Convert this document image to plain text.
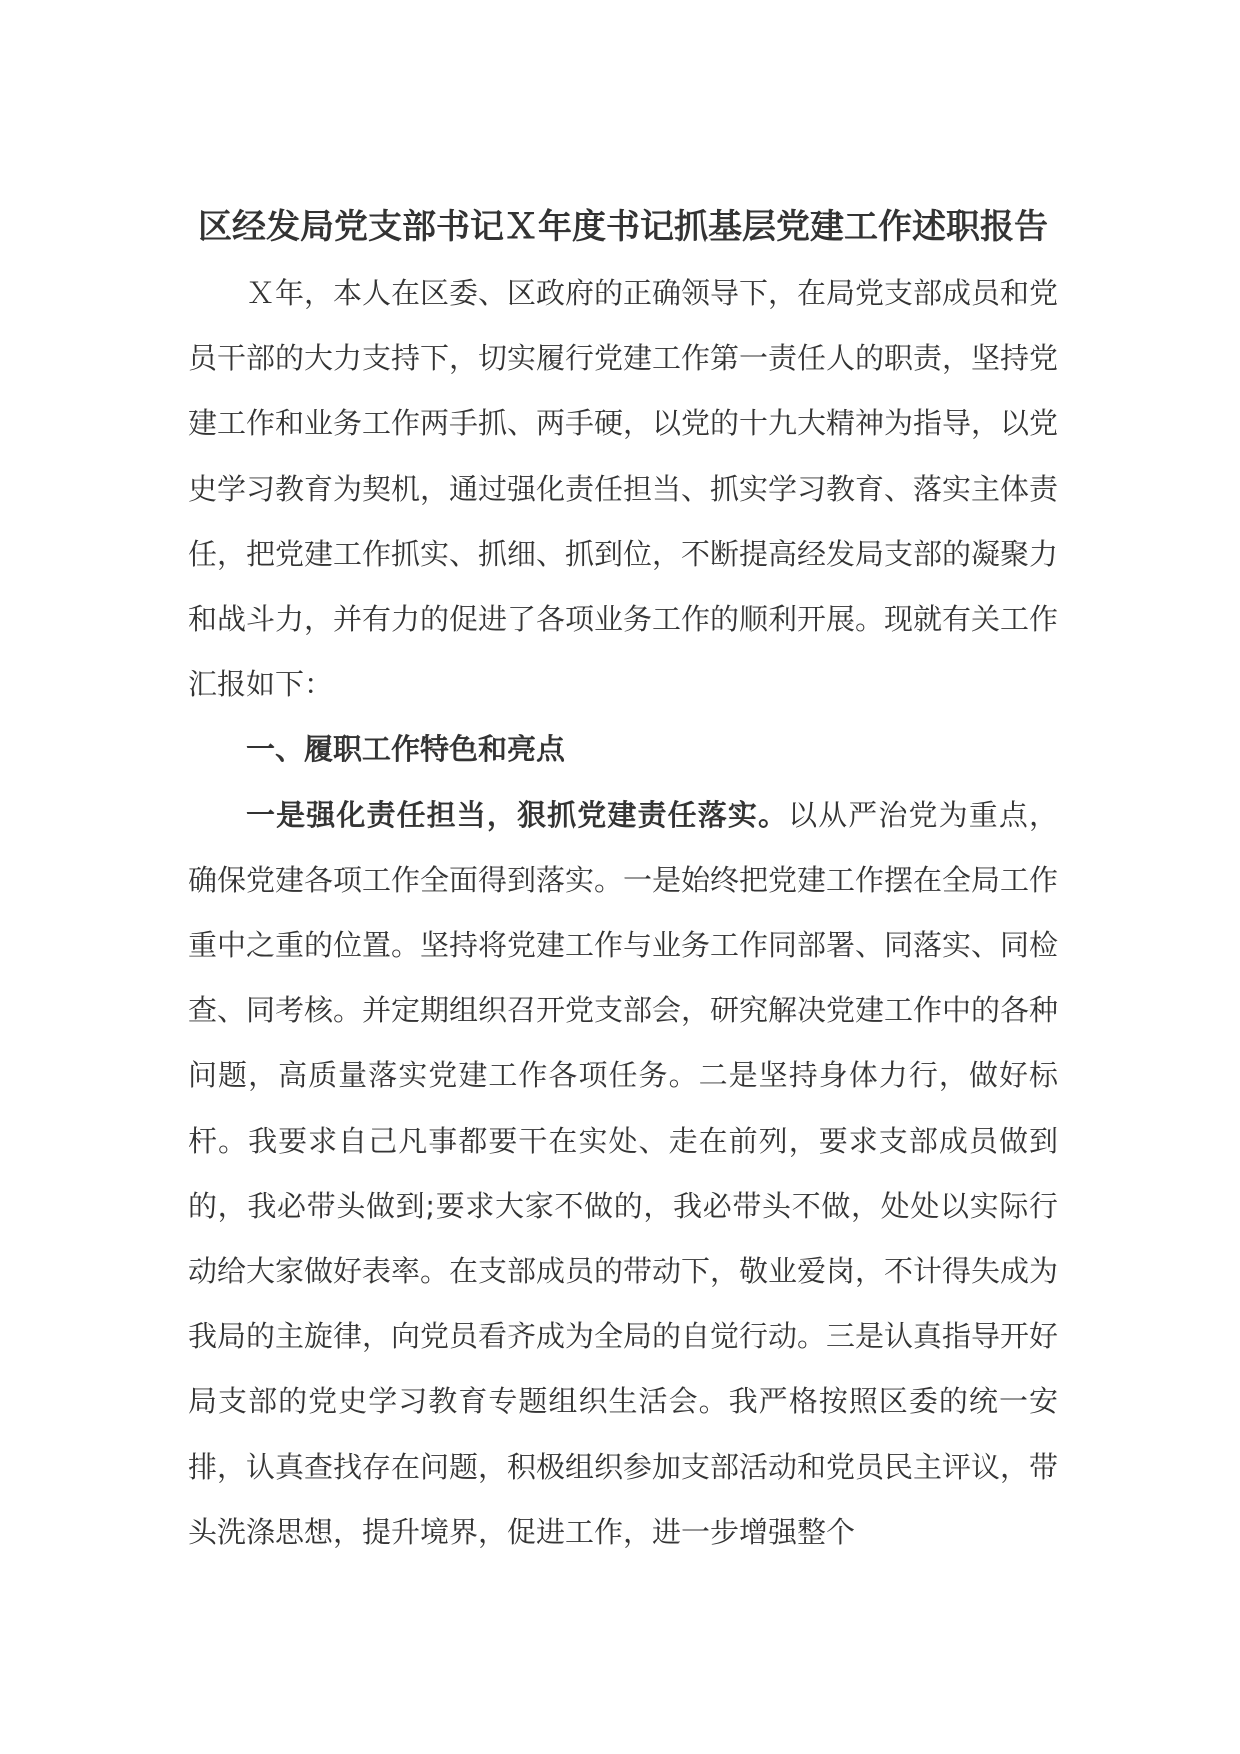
区经发局党支部书记Ｘ年度书记抓基层党建工作述职报告

Ｘ年，本人在区委、区政府的正确领导下，在局党支部成员和党员干部的大力支持下，切实履行党建工作第一责任人的职责，坚持党建工作和业务工作两手抓、两手硬，以党的十九大精神为指导，以党史学习教育为契机，通过强化责任担当、抓实学习教育、落实主体责任，把党建工作抓实、抓细、抓到位，不断提高经发局支部的凝聚力和战斗力，并有力的促进了各项业务工作的顺利开展。现就有关工作汇报如下：

一、履职工作特色和亮点

一是强化责任担当，狠抓党建责任落实。以从严治党为重点，确保党建各项工作全面得到落实。一是始终把党建工作摆在全局工作重中之重的位置。坚持将党建工作与业务工作同部署、同落实、同检查、同考核。并定期组织召开党支部会，研究解决党建工作中的各种问题，高质量落实党建工作各项任务。二是坚持身体力行，做好标杆。我要求自己凡事都要干在实处、走在前列，要求支部成员做到的，我必带头做到;要求大家不做的，我必带头不做，处处以实际行动给大家做好表率。在支部成员的带动下，敬业爱岗，不计得失成为我局的主旋律，向党员看齐成为全局的自觉行动。三是认真指导开好局支部的党史学习教育专题组织生活会。我严格按照区委的统一安排，认真查找存在问题，积极组织参加支部活动和党员民主评议，带头洗涤思想，提升境界，促进工作，进一步增强整个
